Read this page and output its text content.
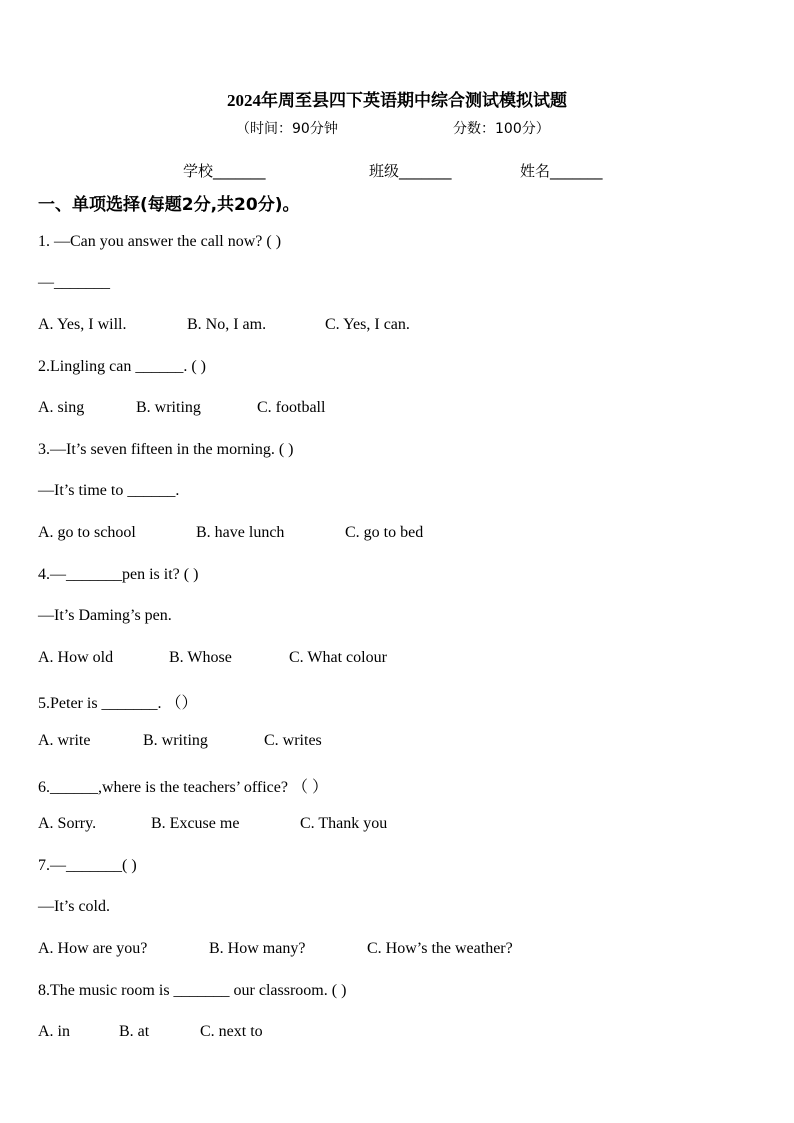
2024年周至县四下英语期中综合测试模拟试题
（时间：90分钟	分数：100分）
学校_______	班级_______	姓名_______
一、单项选择(每题2分,共20分)。
1. —Can you answer the call now? ( )
—_______
A. Yes, I will.	B. No, I am.	C. Yes, I can.
2.Lingling can ______. ( )
A. sing	B. writing	C. football
3.—It’s seven fifteen in the morning. ( )
—It’s time to ______.
A. go to school	B. have lunch	C. go to bed
4.—_______pen is it? ( )
—It’s Daming’s pen.
A. How old	B. Whose	C. What colour
5.Peter is _______. （）
A. write	B. writing	C. writes
6.______,where is the teachers’ office? （ ）
A. Sorry.	B. Excuse me	C. Thank you
7.—_______( )
—It’s cold.
A. How are you?	B. How many?	C. How’s the weather?
8.The music room is _______ our classroom. ( )
A. in	B. at	C. next to
